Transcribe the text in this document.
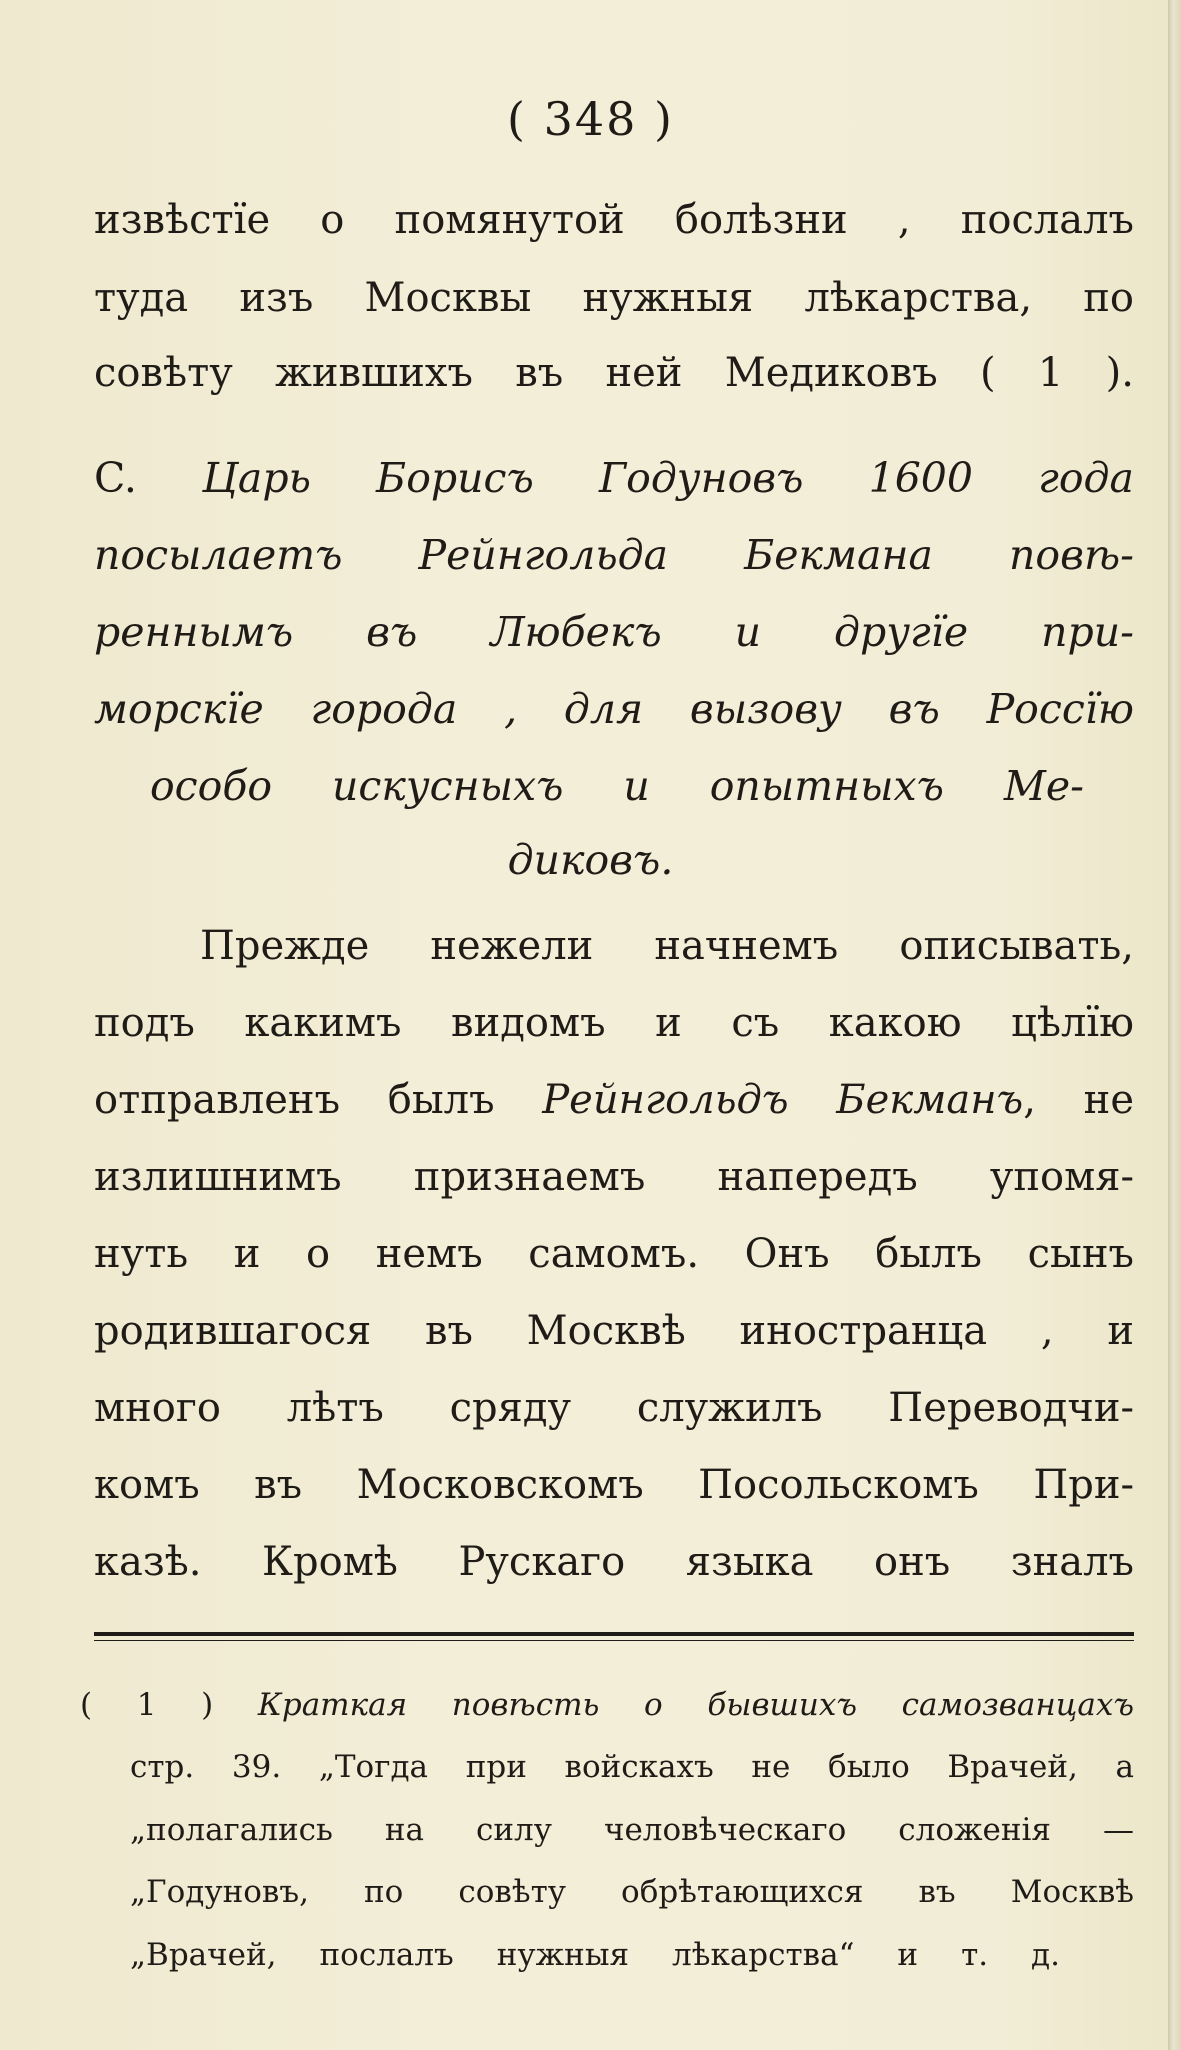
( 348 )
извѣстїе о помянутой болѣзни , послалъ
туда изъ Москвы нужныя лѣкарства, по
совѣту жившихъ въ ней Медиковъ ( 1 ).
C. Царь Борисъ Годуновъ 1600 года
посылаетъ Рейнгольда Бекмана повѣ-
реннымъ въ Любекъ и другїе при-
морскїе города , для вызову въ Россїю
особо искусныхъ и опытныхъ Ме-
диковъ.
Прежде нежели начнемъ описывать,
подъ какимъ видомъ и съ какою цѣлїю
отправленъ былъ Рейнгольдъ Бекманъ, не
излишнимъ признаемъ напередъ упомя-
нуть и о немъ самомъ. Онъ былъ сынъ
родившагося въ Москвѣ иностранца , и
много лѣтъ сряду служилъ Переводчи-
комъ въ Московскомъ Посольскомъ При-
казѣ. Кромѣ Рускаго языка онъ зналъ
( 1 ) Краткая повѣсть о бывшихъ самозванцахъ
стр. 39. „Тогда при войскахъ не было Врачей, а
„полагались на силу человѣческаго сложенія —
„Годуновъ, по совѣту обрѣтающихся въ Москвѣ
„Врачей, послалъ нужныя лѣкарства“ и т. д.
